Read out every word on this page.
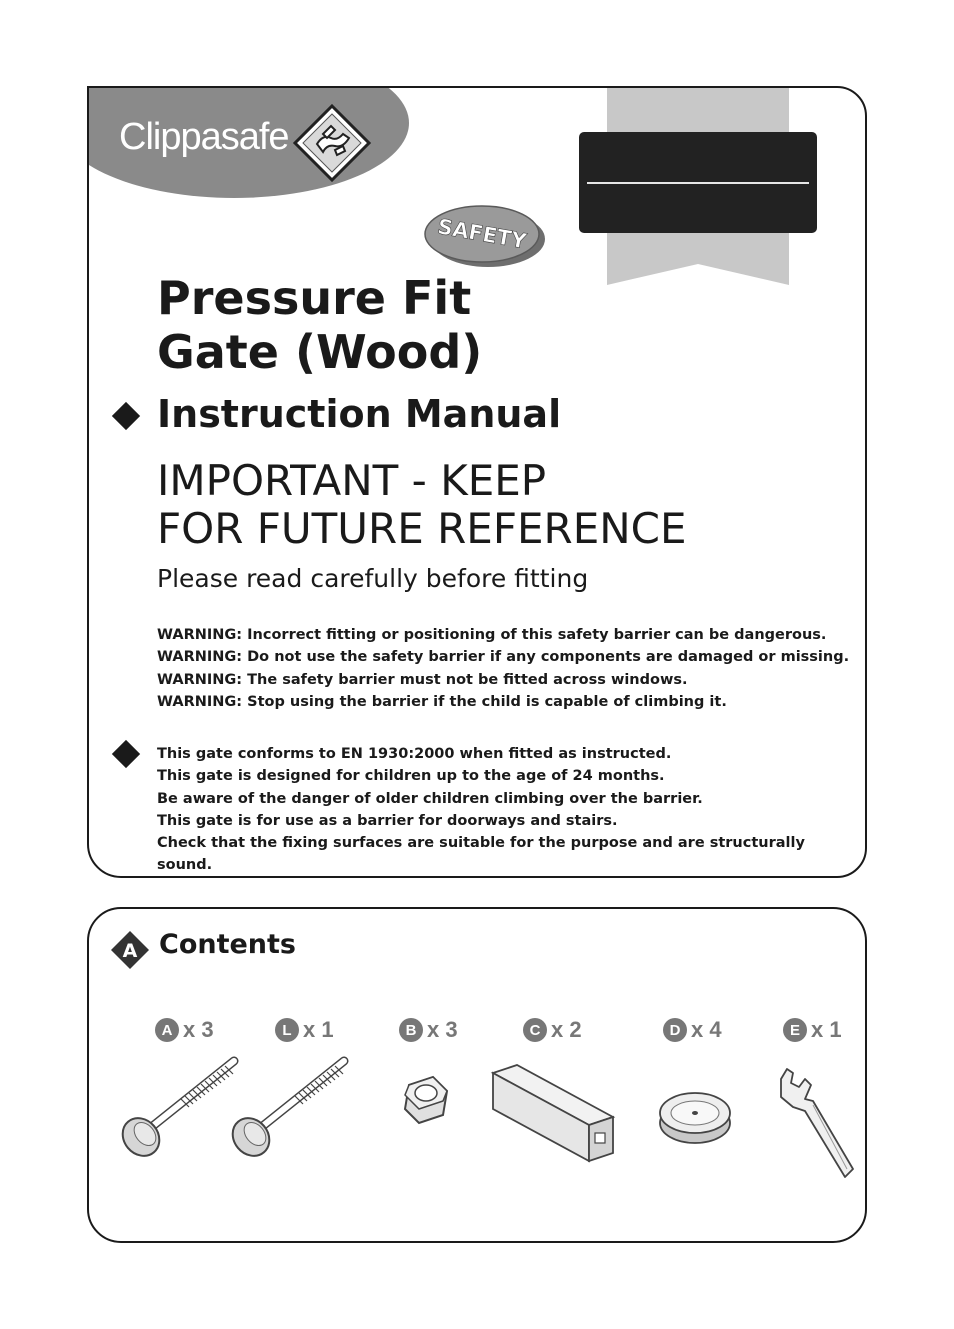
Clippasafe
SAFETY
Pressure Fit
Gate (Wood)
Instruction Manual
IMPORTANT - KEEP
FOR FUTURE REFERENCE

Please read carefully before fitting

WARNING: Incorrect fitting or positioning of this safety barrier can be dangerous.
WARNING: Do not use the safety barrier if any components are damaged or missing.
WARNING: The safety barrier must not be fitted across windows.
WARNING: Stop using the barrier if the child is capable of climbing it.
This gate conforms to EN 1930:2000 when fitted as instructed.
This gate is designed for children up to the age of 24 months.
Be aware of the danger of older children climbing over the barrier.
This gate is for use as a barrier for doorways and stairs.
Check that the fixing surfaces are suitable for the purpose and are structurally sound.
A Contents
A x 3	L x 1	B x 3	C x 2	D x 4	E x 1
